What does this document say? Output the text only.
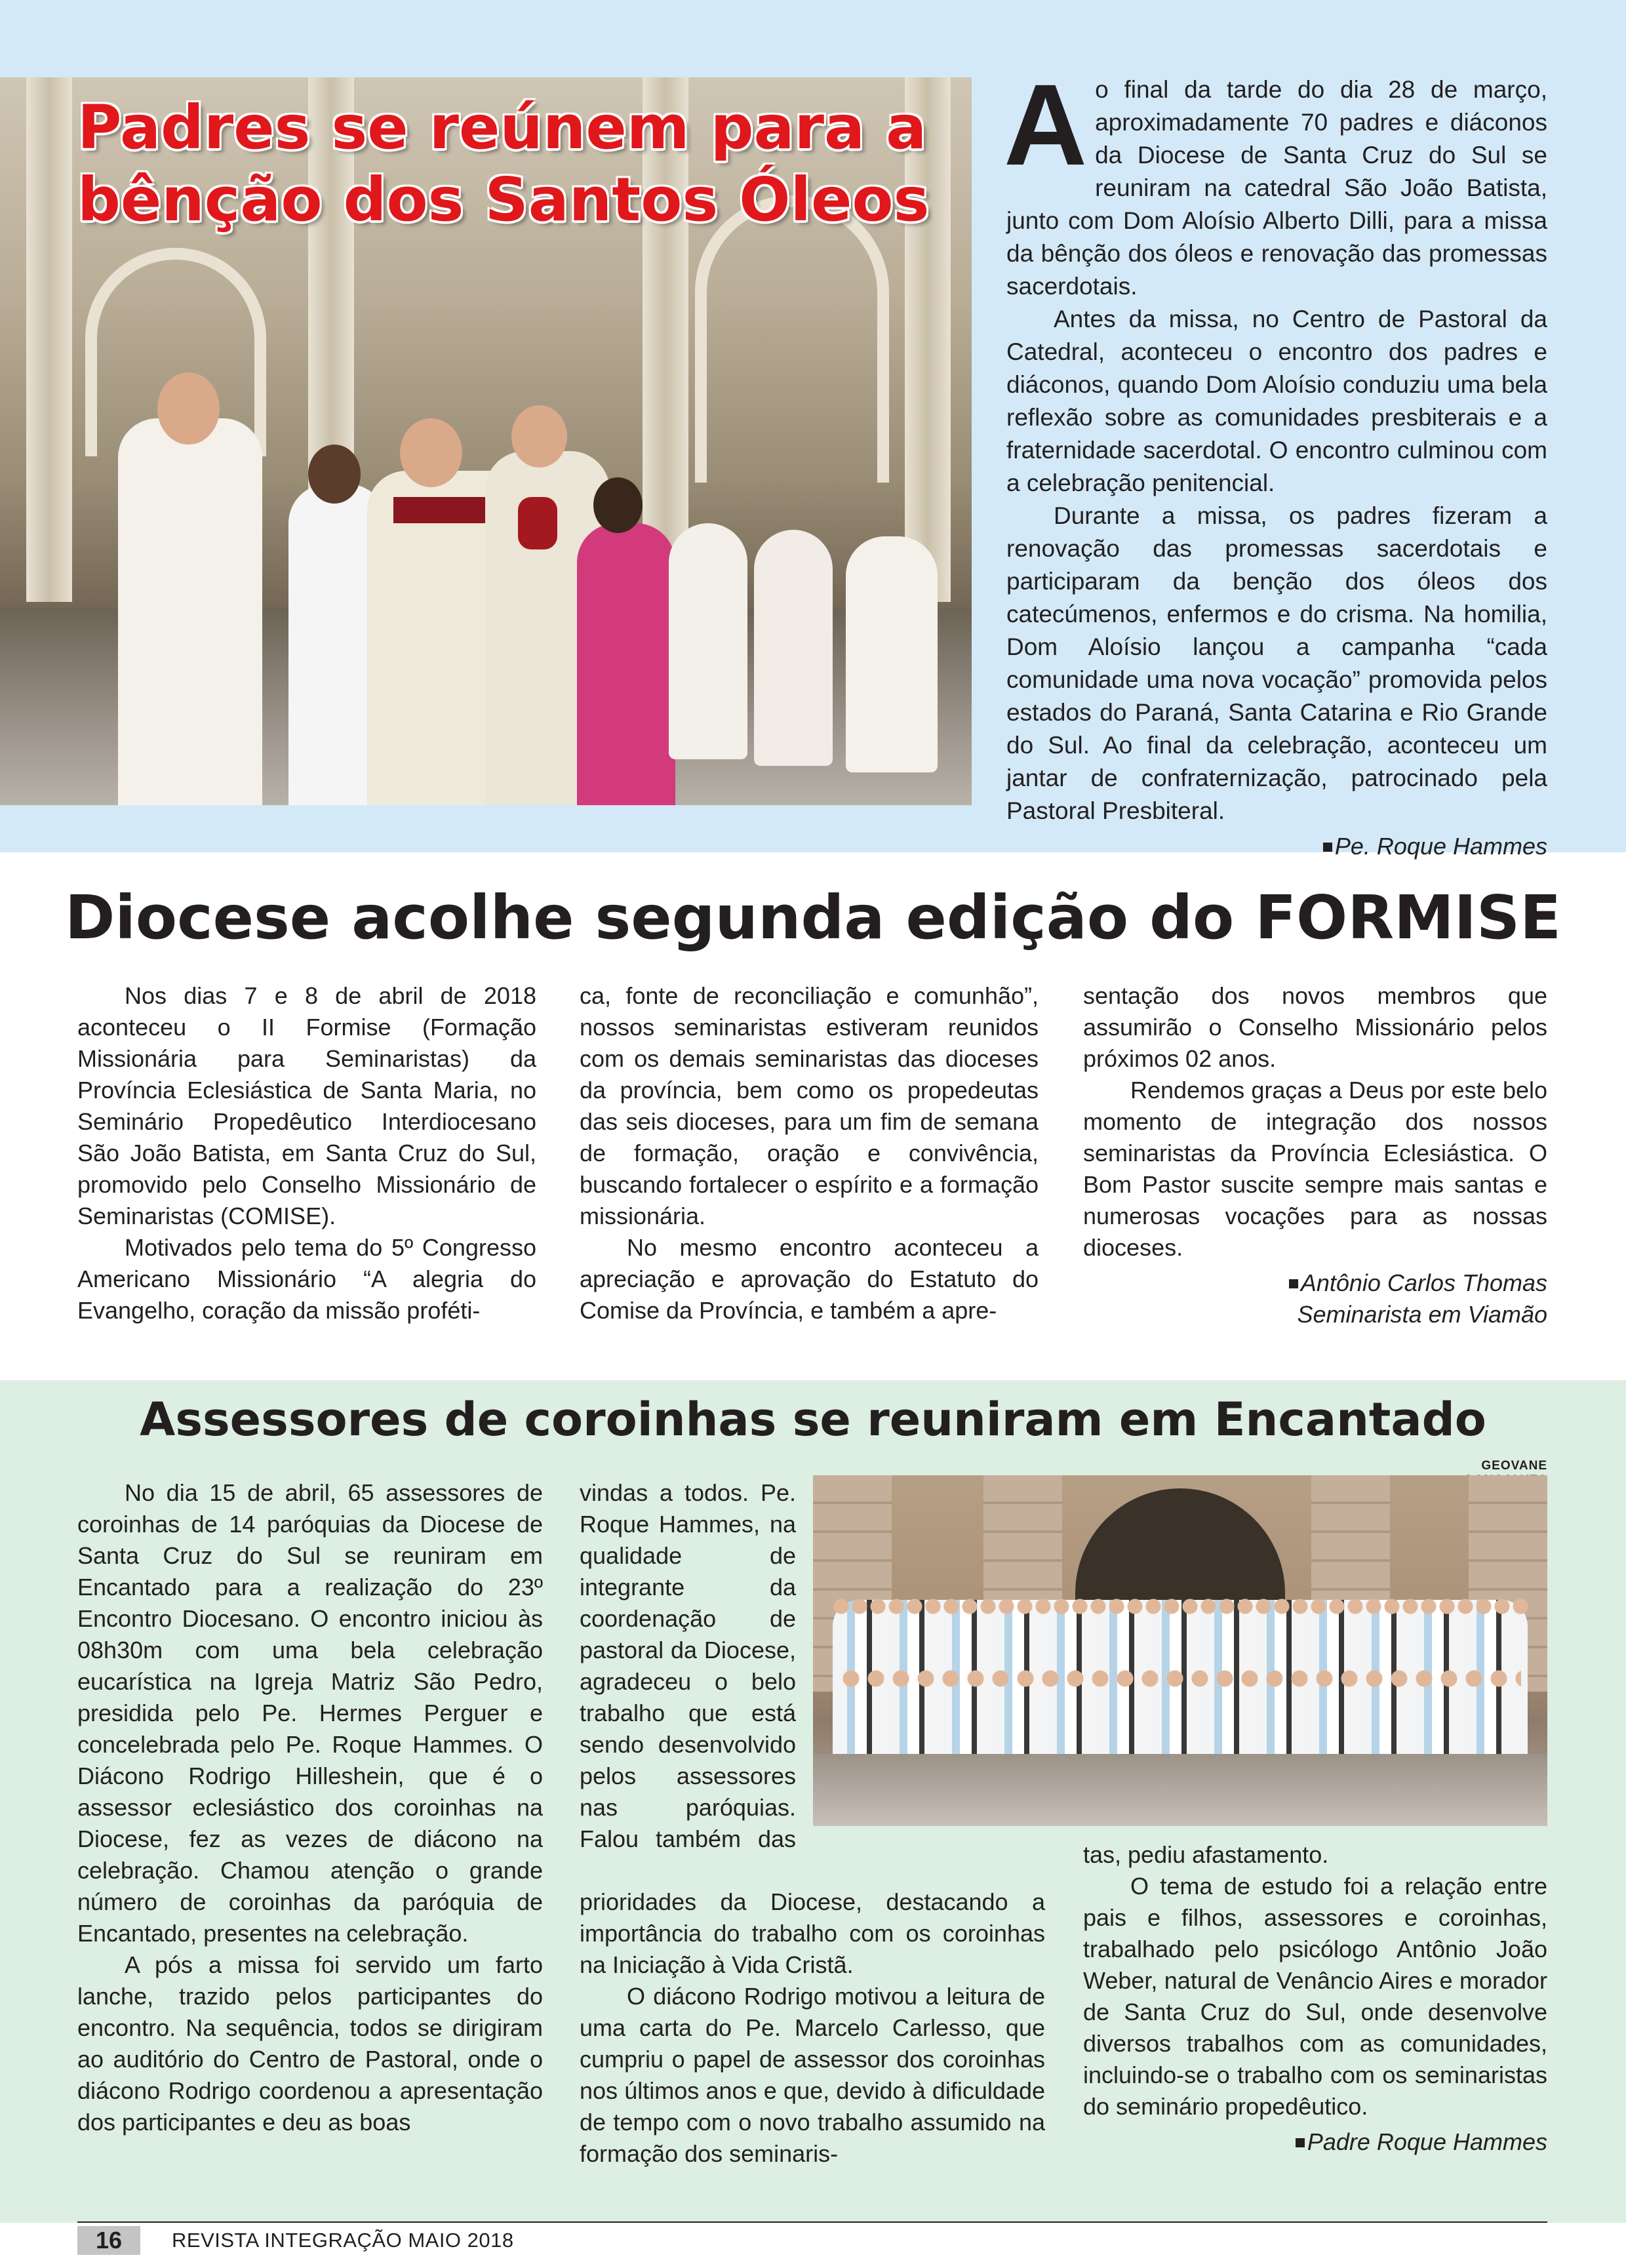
Padres se reúnem para a bênção dos Santos Óleos

Ao final da tarde do dia 28 de março, aproximadamente 70 padres e diáconos da Diocese de Santa Cruz do Sul se reuniram na catedral São João Batista, junto com Dom Aloísio Alberto Dilli, para a missa da bênção dos óleos e renovação das promessas sacerdotais.

Antes da missa, no Centro de Pastoral da Catedral, aconteceu o encontro dos padres e diáconos, quando Dom Aloísio conduziu uma bela reflexão sobre as comunidades presbiterais e a fraternidade sacerdotal. O encontro culminou com a celebração penitencial.

Durante a missa, os padres fizeram a renovação das promessas sacerdotais e participaram da benção dos óleos dos catecúmenos, enfermos e do crisma. Na homilia, Dom Aloísio lançou a campanha “cada comunidade uma nova vocação” promovida pelos estados do Paraná, Santa Catarina e Rio Grande do Sul. Ao final da celebração, aconteceu um jantar de confraternização, patrocinado pela Pastoral Presbiteral.

Pe. Roque Hammes
Diocese acolhe segunda edição do FORMISE

Nos dias 7 e 8 de abril de 2018 aconteceu o II Formise (Formação Missionária para Seminaristas) da Província Eclesiástica de Santa Maria, no Seminário Propedêutico Interdiocesano São João Batista, em Santa Cruz do Sul, promovido pelo Conselho Missionário de Seminaristas (COMISE).

Motivados pelo tema do 5º Congresso Americano Missionário “A alegria do Evangelho, coração da missão proféti-

ca, fonte de reconciliação e comunhão”, nossos seminaristas estiveram reunidos com os demais seminaristas das dioceses da província, bem como os propedeutas das seis dioceses, para um fim de semana de formação, oração e convivência, buscando fortalecer o espírito e a formação missionária.

No mesmo encontro aconteceu a apreciação e aprovação do Estatuto do Comise da Província, e também a apre-

sentação dos novos membros que assumirão o Conselho Missionário pelos próximos 02 anos.

Rendemos graças a Deus por este belo momento de integração dos nossos seminaristas da Província Eclesiástica. O Bom Pastor suscite sempre mais santas e numerosas vocações para as nossas dioceses.

Antônio Carlos Thomas
Seminarista em Viamão
Assessores de coroinhas se reuniram em Encantado
GEOVANE

No dia 15 de abril, 65 assessores de coroinhas de 14 paróquias da Diocese de Santa Cruz do Sul se reuniram em Encantado para a realização do 23º Encontro Diocesano. O encontro iniciou às 08h30m com uma bela celebração eucarística na Igreja Matriz São Pedro, presidida pelo Pe. Hermes Perguer e concelebrada pelo Pe. Roque Hammes. O Diácono Rodrigo Hilleshein, que é o assessor eclesiástico dos coroinhas na Diocese, fez as vezes de diácono na celebração. Chamou atenção o grande número de coroinhas da paróquia de Encantado, presentes na celebração.

A pós a missa foi servido um farto lanche, trazido pelos participantes do encontro. Na sequência, todos se dirigiram ao auditório do Centro de Pastoral, onde o diácono Rodrigo coordenou a apresentação dos participantes e deu as boas

vindas a todos. Pe. Roque Hammes, na qualidade de integrante da coordenação de pastoral da Diocese, agradeceu o belo trabalho que está sendo desenvolvido pelos assessores nas paróquias. Falou também das

prioridades da Diocese, destacando a importância do trabalho com os coroinhas na Iniciação à Vida Cristã.

O diácono Rodrigo motivou a leitura de uma carta do Pe. Marcelo Carlesso, que cumpriu o papel de assessor dos coroinhas nos últimos anos e que, devido à dificuldade de tempo com o novo trabalho assumido na formação dos seminaris-

tas, pediu afastamento.

O tema de estudo foi a relação entre pais e filhos, assessores e coroinhas, trabalhado pelo psicólogo Antônio João Weber, natural de Venâncio Aires e morador de Santa Cruz do Sul, onde desenvolve diversos trabalhos com as comunidades, incluindo-se o trabalho com os seminaristas do seminário propedêutico.

Padre Roque Hammes
16	REVISTA INTEGRAÇÃO MAIO 2018
